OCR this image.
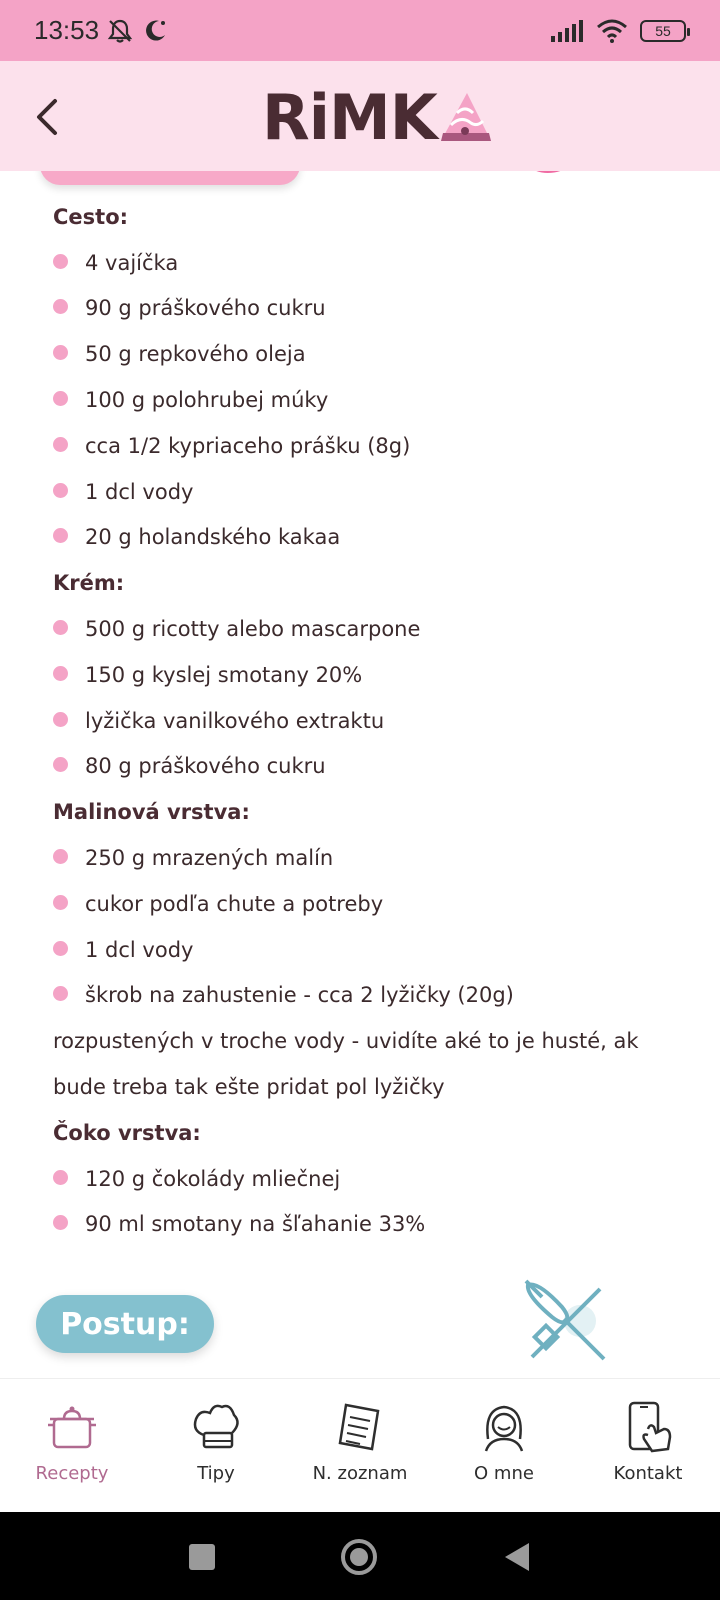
13:53	55
RiMK
Cesto:
4 vajíčka
90 g práškového cukru
50 g repkového oleja
100 g polohrubej múky
cca 1/2 kypriaceho prášku (8g)
1 dcl vody
20 g holandského kakaa
Krém:
500 g ricotty alebo mascarpone
150 g kyslej smotany 20%
lyžička vanilkového extraktu
80 g práškového cukru
Malinová vrstva:
250 g mrazených malín
cukor podľa chute a potreby
1 dcl vody
škrob na zahustenie - cca 2 lyžičky (20g)
rozpustených v troche vody - uvidíte aké to je husté, ak
bude treba tak ešte pridat pol lyžičky
Čoko vrstva:
120 g čokolády mliečnej
90 ml smotany na šľahanie 33%
Postup:
Recepty	Tipy	N. zoznam	O mne	Kontakt
